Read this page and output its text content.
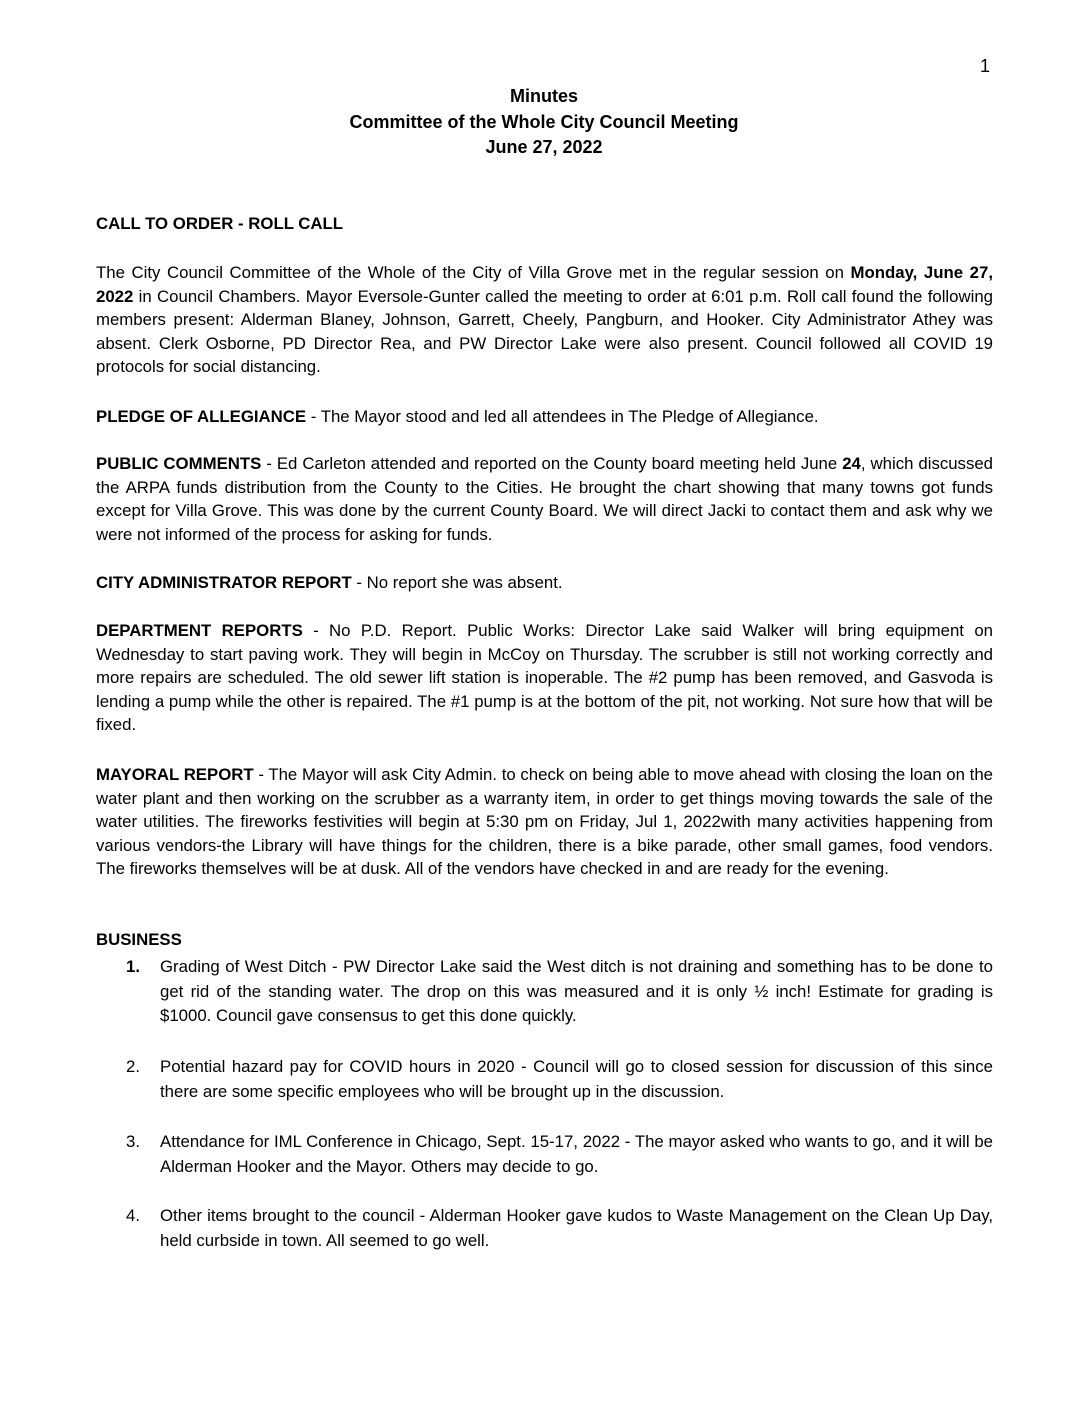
1
Minutes
Committee of the Whole City Council Meeting
June 27, 2022
CALL TO ORDER - ROLL CALL
The City Council Committee of the Whole of the City of Villa Grove met in the regular session on Monday, June 27, 2022 in Council Chambers. Mayor Eversole-Gunter called the meeting to order at 6:01 p.m. Roll call found the following members present: Alderman Blaney, Johnson, Garrett, Cheely, Pangburn, and Hooker. City Administrator Athey was absent. Clerk Osborne, PD Director Rea, and PW Director Lake were also present. Council followed all COVID 19 protocols for social distancing.
PLEDGE OF ALLEGIANCE - The Mayor stood and led all attendees in The Pledge of Allegiance.
PUBLIC COMMENTS - Ed Carleton attended and reported on the County board meeting held June 24, which discussed the ARPA funds distribution from the County to the Cities. He brought the chart showing that many towns got funds except for Villa Grove. This was done by the current County Board. We will direct Jacki to contact them and ask why we were not informed of the process for asking for funds.
CITY ADMINISTRATOR REPORT - No report she was absent.
DEPARTMENT REPORTS - No P.D. Report. Public Works: Director Lake said Walker will bring equipment on Wednesday to start paving work. They will begin in McCoy on Thursday. The scrubber is still not working correctly and more repairs are scheduled. The old sewer lift station is inoperable. The #2 pump has been removed, and Gasvoda is lending a pump while the other is repaired. The #1 pump is at the bottom of the pit, not working. Not sure how that will be fixed.
MAYORAL REPORT - The Mayor will ask City Admin. to check on being able to move ahead with closing the loan on the water plant and then working on the scrubber as a warranty item, in order to get things moving towards the sale of the water utilities. The fireworks festivities will begin at 5:30 pm on Friday, Jul 1, 2022with many activities happening from various vendors-the Library will have things for the children, there is a bike parade, other small games, food vendors. The fireworks themselves will be at dusk. All of the vendors have checked in and are ready for the evening.
BUSINESS
1.	Grading of West Ditch - PW Director Lake said the West ditch is not draining and something has to be done to get rid of the standing water. The drop on this was measured and it is only ½ inch! Estimate for grading is $1000. Council gave consensus to get this done quickly.
2.	Potential hazard pay for COVID hours in 2020 - Council will go to closed session for discussion of this since there are some specific employees who will be brought up in the discussion.
3.	Attendance for IML Conference in Chicago, Sept. 15-17, 2022 - The mayor asked who wants to go, and it will be Alderman Hooker and the Mayor. Others may decide to go.
4.	Other items brought to the council - Alderman Hooker gave kudos to Waste Management on the Clean Up Day, held curbside in town. All seemed to go well.
